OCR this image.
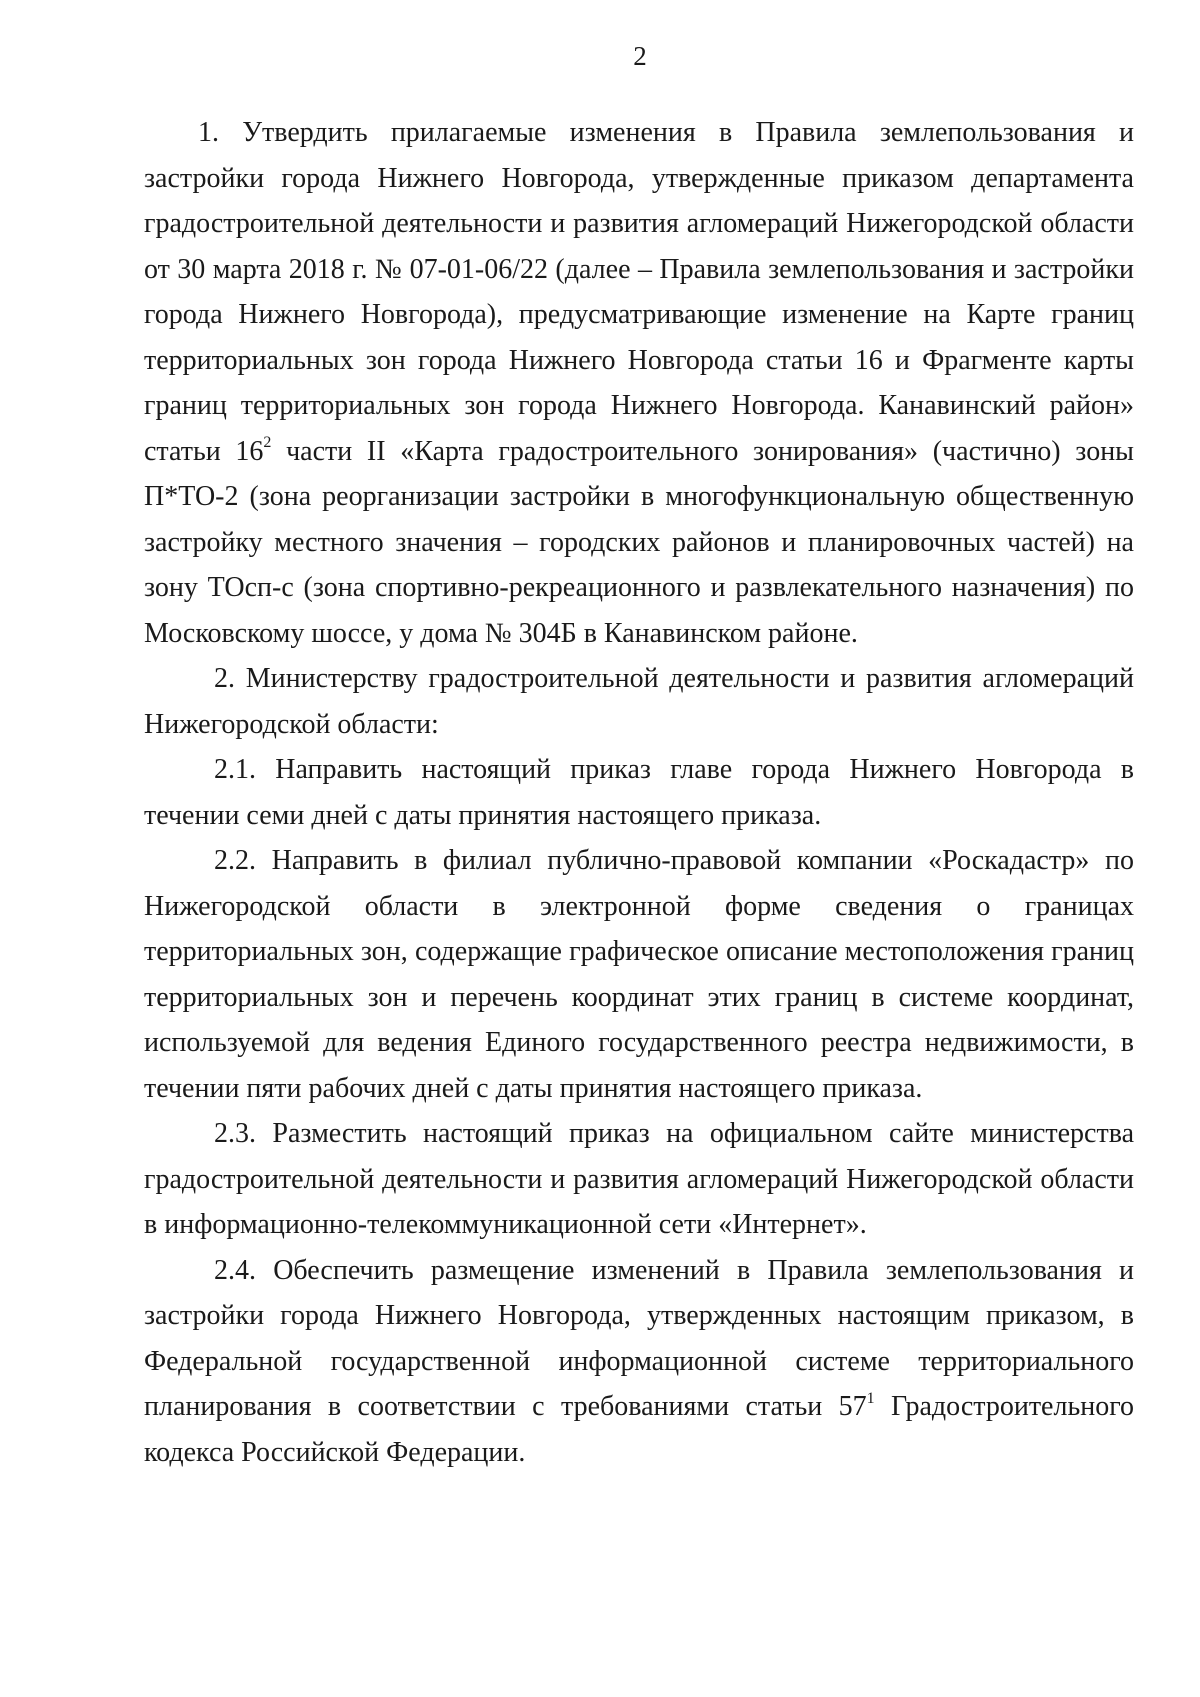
2

1. Утвердить прилагаемые изменения в Правила землепользования и застройки города Нижнего Новгорода, утвержденные приказом департамента градостроительной деятельности и развития агломераций Нижегородской области от 30 марта 2018 г. № 07-01-06/22 (далее – Правила землепользования и застройки города Нижнего Новгорода), предусматривающие изменение на Карте границ территориальных зон города Нижнего Новгорода статьи 16 и Фрагменте карты границ территориальных зон города Нижнего Новгорода. Канавинский район» статьи $16^2$ части II «Карта градостроительного зонирования» (частично) зоны П*ТО-2 (зона реорганизации застройки в многофункциональную общественную застройку местного значения – городских районов и планировочных частей) на зону ТОсп-с (зона спортивно-рекреационного и развлекательного назначения) по Московскому шоссе, у дома № 304Б в Канавинском районе.

2. Министерству градостроительной деятельности и развития агломераций Нижегородской области:

2.1. Направить настоящий приказ главе города Нижнего Новгорода в течении семи дней с даты принятия настоящего приказа.

2.2. Направить в филиал публично-правовой компании «Роскадастр» по Нижегородской области в электронной форме сведения о границах территориальных зон, содержащие графическое описание местоположения границ территориальных зон и перечень координат этих границ в системе координат, используемой для ведения Единого государственного реестра недвижимости, в течении пяти рабочих дней с даты принятия настоящего приказа.

2.3. Разместить настоящий приказ на официальном сайте министерства градостроительной деятельности и развития агломераций Нижегородской области в информационно-телекоммуникационной сети «Интернет».

2.4. Обеспечить размещение изменений в Правила землепользования и застройки города Нижнего Новгорода, утвержденных настоящим приказом, в Федеральной государственной информационной системе территориального планирования в соответствии с требованиями статьи $57^1$ Градостроительного кодекса Российской Федерации.
